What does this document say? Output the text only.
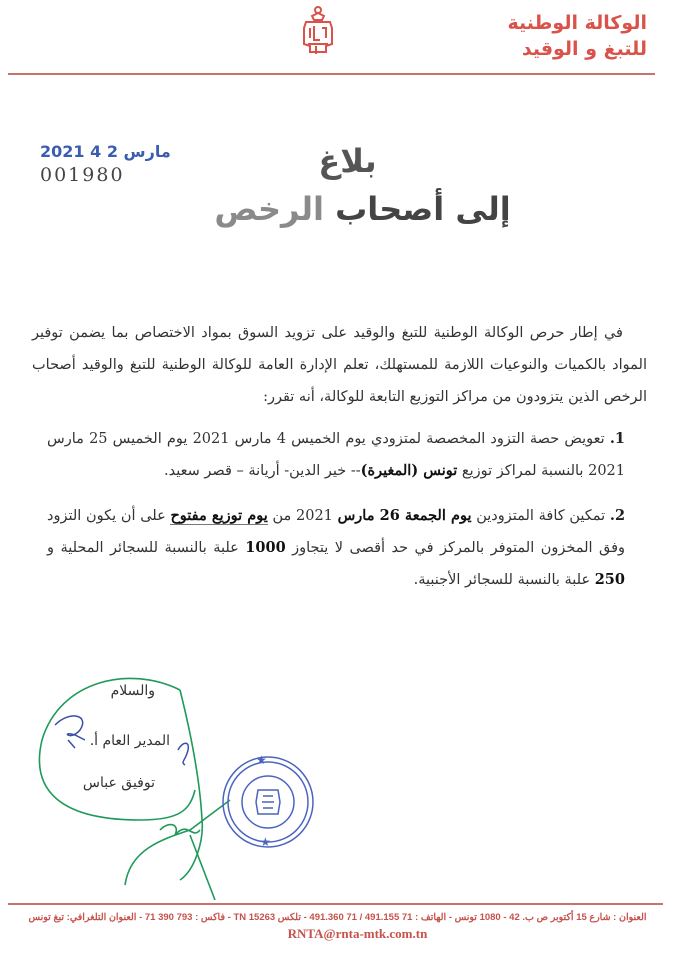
الوكالة الوطنية
للتبغ و الوقيد
2021 مارس 2 4
001980	بلاغ
إلى أصحاب الرخص
في إطار حرص الوكالة الوطنية للتبغ والوقيد على تزويد السوق بمواد الاختصاص بما يضمن توفير المواد بالكميات والنوعيات اللازمة للمستهلك، تعلم الإدارة العامة للوكالة الوطنية للتبغ والوقيد أصحاب الرخص الذين يتزودون من مراكز التوزيع التابعة للوكالة، أنه تقرر:
1. تعويض حصة التزود المخصصة لمتزودي يوم الخميس 4 مارس 2021 يوم الخميس 25 مارس 2021 بالنسبة لمراكز توزيع تونس (المغيرة)-- خير الدين- أريانة – قصر سعيد.
2. تمكين كافة المتزودين يوم الجمعة 26 مارس 2021 من يوم توزيع مفتوح على أن يكون التزود وفق المخزون المتوفر بالمركز في حد أقصى لا يتجاوز 1000 علبة بالنسبة للسجائر المحلية و 250 علبة بالنسبة للسجائر الأجنبية.
والسلام
المدير العام أ.
توفيق عباس
★
★
العنوان : شارع 15 أكتوبر ص ب. 42 - 1080 تونس - الهاتف : 71 491.155 / 71 491.360 - تلكس 15263 TN - فاكس : 793 390 71 - العنوان التلغرافي: تبغ تونس
RNTA@rnta-mtk.com.tn
